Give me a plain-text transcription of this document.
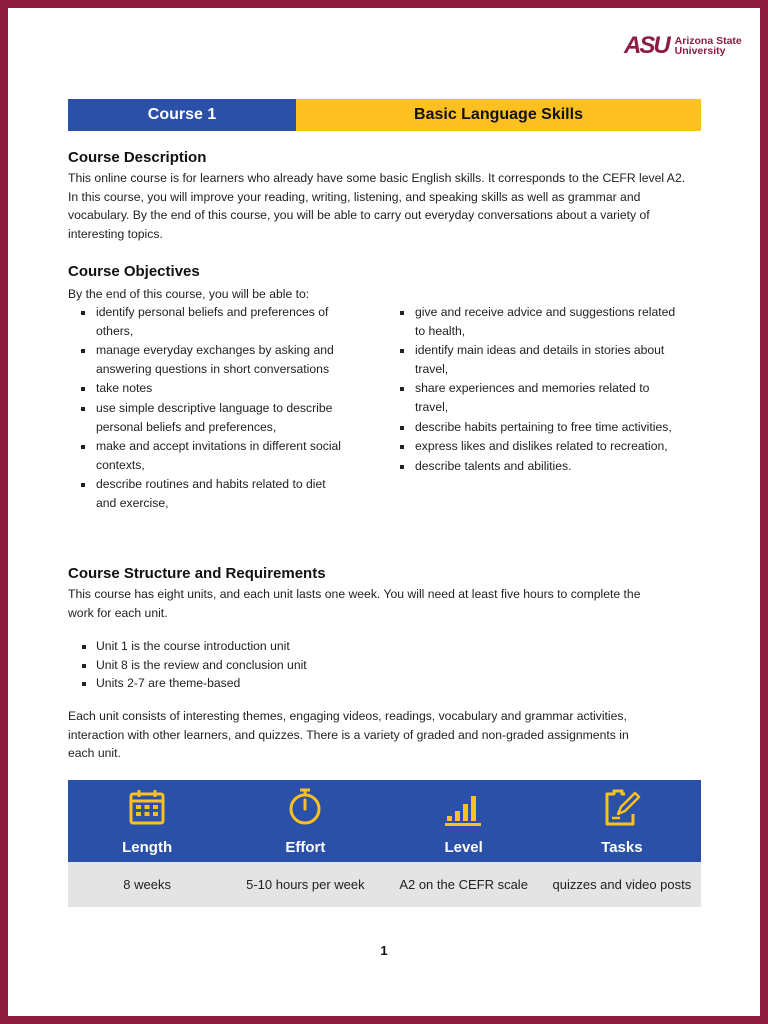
ASU Arizona State
University
Course 1	Basic Language Skills
Course Description
This online course is for learners who already have some basic English skills. It corresponds to the CEFR level A2.
In this course, you will improve your reading, writing, listening, and speaking skills as well as grammar and
vocabulary. By the end of this course, you will be able to carry out everyday conversations about a variety of
interesting topics.
Course Objectives
By the end of this course, you will be able to:
identify personal beliefs and preferences of
others,
manage everyday exchanges by asking and
answering questions in short conversations
take notes
use simple descriptive language to describe
personal beliefs and preferences,
make and accept invitations in different social
contexts,
describe routines and habits related to diet
and exercise,
give and receive advice and suggestions related
to health,
identify main ideas and details in stories about
travel,
share experiences and memories related to
travel,
describe habits pertaining to free time activities,
express likes and dislikes related to recreation,
describe talents and abilities.
Course Structure and Requirements
This course has eight units, and each unit lasts one week. You will need at least five hours to complete the
work for each unit.
Unit 1 is the course introduction unit
Unit 8 is the review and conclusion unit
Units 2-7 are theme-based
Each unit consists of interesting themes, engaging videos, readings, vocabulary and grammar activities,
interaction with other learners, and quizzes. There is a variety of graded and non-graded assignments in
each unit.
Length	Effort	Level	Tasks
8 weeks	5-10 hours per week	A2 on the CEFR scale	quizzes and video posts
1
